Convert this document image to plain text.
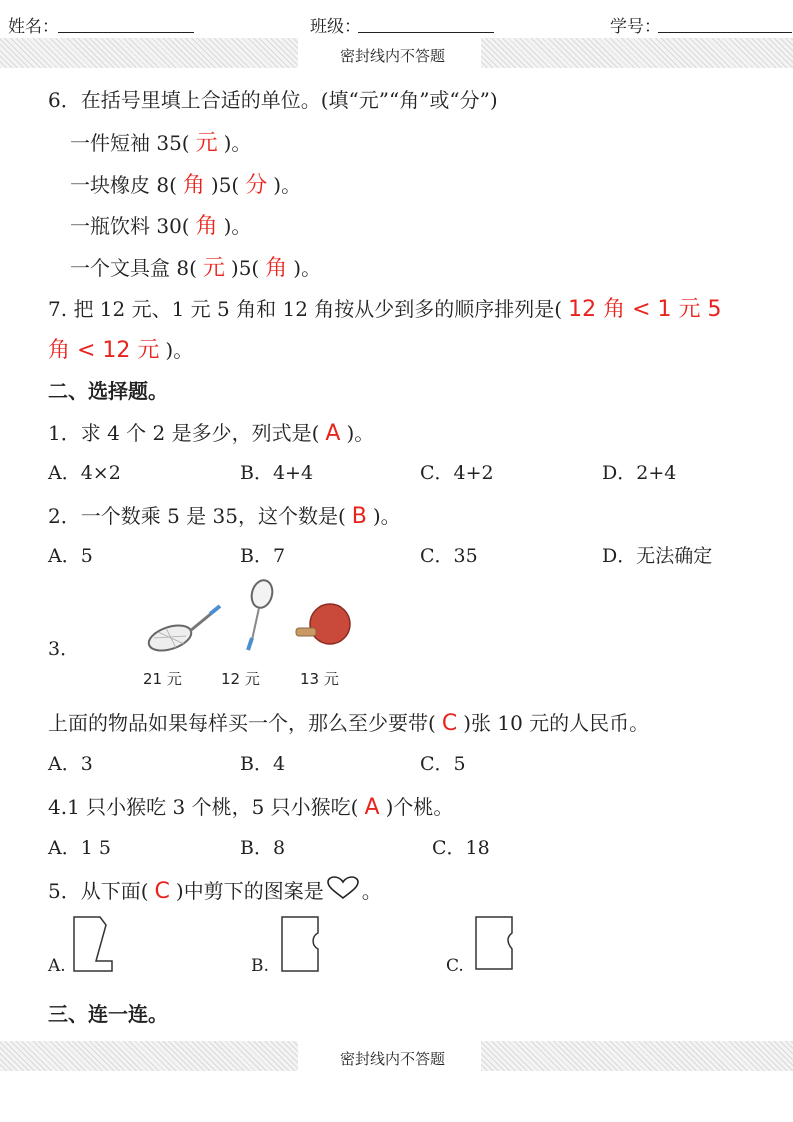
姓名：	班级：	学号：
密封线内不答题
6．在括号里填上合适的单位。(填“元”“角”或“分”)
一件短袖 35( 元 )。
一块橡皮 8( 角 )5( 分 )。
一瓶饮料 30( 角 )。
一个文具盒 8( 元 )5( 角 )。
7. 把 12 元、1 元 5 角和 12 角按从少到多的顺序排列是( 12 角 < 1 元 5
角 < 12 元 )。
二、选择题。
1．求 4 个 2 是多少，列式是( A )。
A．4×2	B．4+4	C．4+2	D．2+4
2．一个数乘 5 是 35，这个数是( B )。
A．5	B．7	C．35	D．无法确定
3．
21 元	12 元	13 元
上面的物品如果每样买一个，那么至少要带( C )张 10 元的人民币。
A．3	B．4	C．5
4.1 只小猴吃 3 个桃，5 只小猴吃( A )个桃。
A．1 5	B．8	C．18
5．从下面( C )中剪下的图案是 。
A.	B.	C.
三、连一连。
密封线内不答题
